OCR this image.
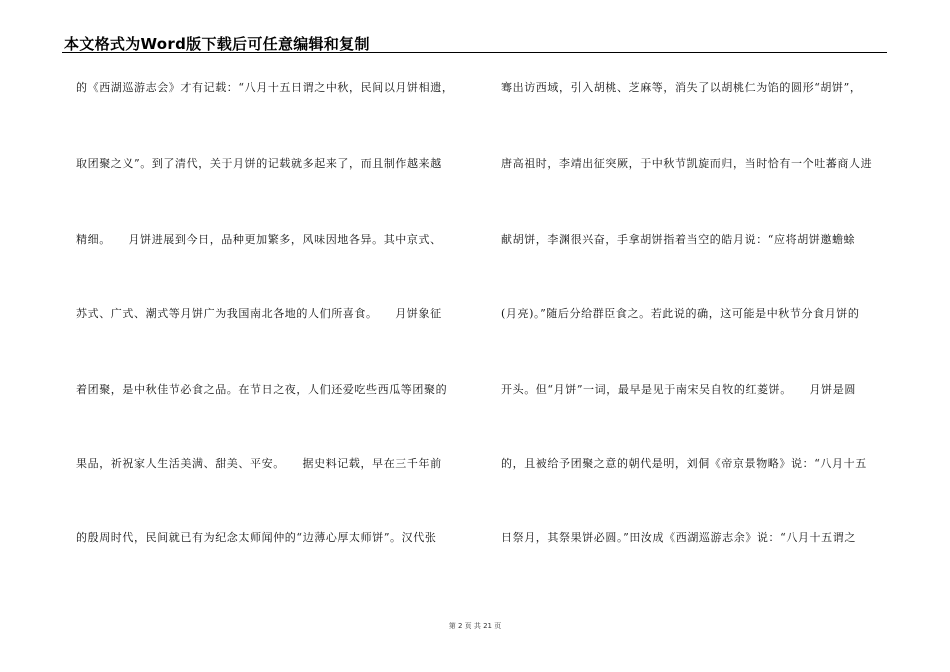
本文格式为Word版下载后可任意编辑和复制
的《西湖巡游志会》才有记载：“八月十五日谓之中秋，民间以月饼相遗，
取团聚之义”。到了清代，关于月饼的记载就多起来了，而且制作越来越
精细。　　月饼进展到今日，品种更加繁多，风味因地各异。其中京式、
苏式、广式、潮式等月饼广为我国南北各地的人们所喜食。　　月饼象征
着团聚，是中秋佳节必食之品。在节日之夜，人们还爱吃些西瓜等团聚的
果品，祈祝家人生活美满、甜美、平安。　　据史料记载，早在三千年前
的殷周时代，民间就已有为纪念太师闻仲的“边薄心厚太师饼”。汉代张
骞出访西域，引入胡桃、芝麻等，消失了以胡桃仁为馅的圆形“胡饼”，
唐高祖时，李靖出征突厥，于中秋节凯旋而归，当时恰有一个吐蕃商人进
献胡饼，李渊很兴奋，手拿胡饼指着当空的皓月说：“应将胡饼邀蟾蜍
(月亮)。”随后分给群臣食之。若此说的确，这可能是中秋节分食月饼的
开头。但“月饼”一词，最早是见于南宋吴自牧的红菱饼。　　月饼是圆
的，且被给予团聚之意的朝代是明，刘侗《帝京景物略》说：“八月十五
日祭月，其祭果饼必圆。”田汝成《西湖巡游志余》说：“八月十五谓之
第 2 页 共 21 页
